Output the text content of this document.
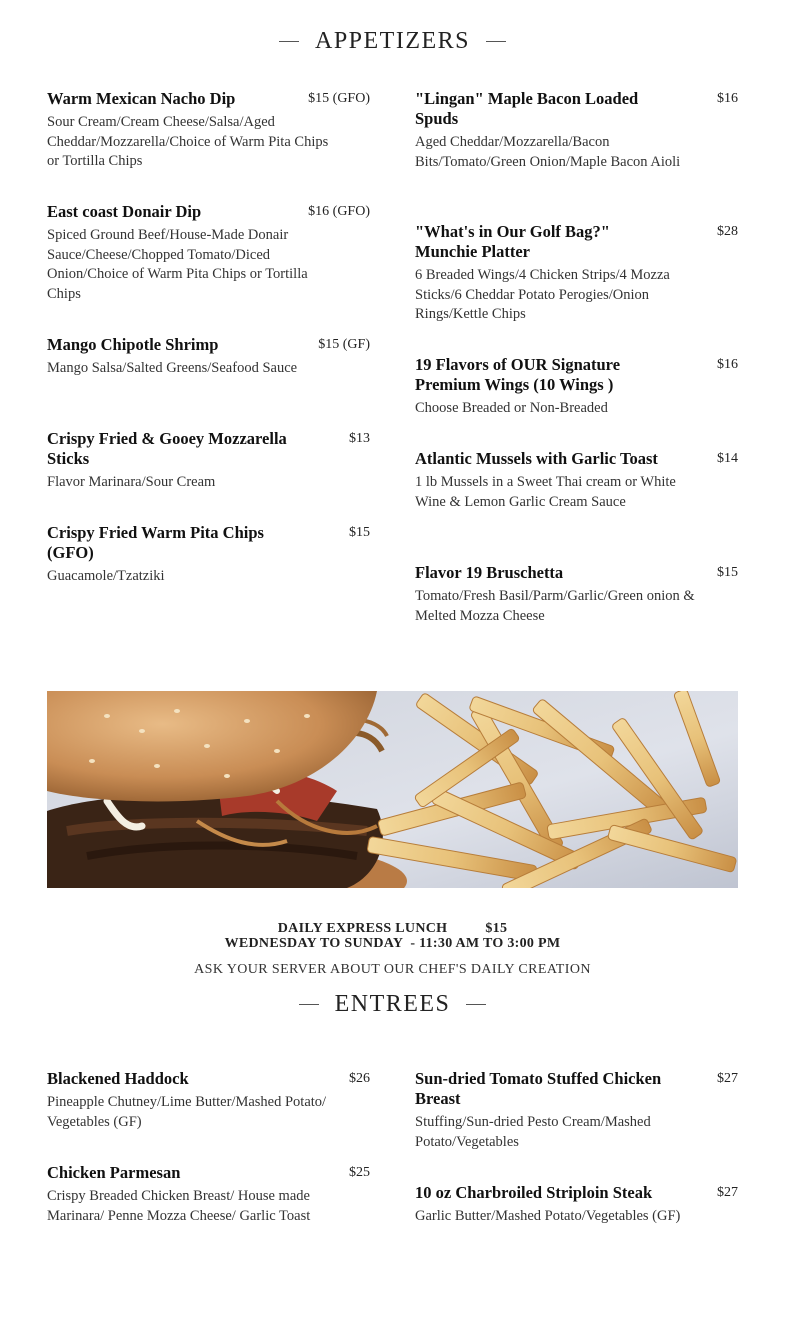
APPETIZERS
Warm Mexican Nacho Dip	$15 (GFO)
Sour Cream/Cream Cheese/Salsa/Aged Cheddar/Mozzarella/Choice of Warm Pita Chips or Tortilla Chips
East coast Donair Dip	$16 (GFO)
Spiced Ground Beef/House-Made Donair Sauce/Cheese/Chopped Tomato/Diced Onion/Choice of Warm Pita Chips or Tortilla Chips
Mango Chipotle Shrimp	$15 (GF)
Mango Salsa/Salted Greens/Seafood Sauce
Crispy Fried & Gooey Mozzarella Sticks
$13
Flavor Marinara/Sour Cream
Crispy Fried Warm Pita Chips (GFO)
$15
Guacamole/Tzatziki
"Lingan" Maple Bacon Loaded Spuds
$16
Aged Cheddar/Mozzarella/Bacon Bits/Tomato/Green Onion/Maple Bacon Aioli
"What's in Our Golf Bag?" Munchie Platter
$28
6 Breaded Wings/4 Chicken Strips/4 Mozza Sticks/6 Cheddar Potato Perogies/Onion Rings/Kettle Chips
19 Flavors of OUR Signature Premium Wings (10 Wings )
$16
Choose Breaded or Non-Breaded
Atlantic Mussels with Garlic Toast	$14
1 lb Mussels in a Sweet Thai cream or White Wine & Lemon Garlic Cream Sauce
Flavor 19 Bruschetta	$15
Tomato/Fresh Basil/Parm/Garlic/Green onion & Melted Mozza Cheese
DAILY EXPRESS LUNCH	$15
WEDNESDAY TO SUNDAY  - 11:30 AM TO 3:00 PM
ASK YOUR SERVER ABOUT OUR CHEF'S DAILY CREATION
ENTREES
Blackened Haddock	$26
Pineapple Chutney/Lime Butter/Mashed Potato/ Vegetables (GF)
Chicken Parmesan	$25
Crispy Breaded Chicken Breast/ House made Marinara/ Penne Mozza Cheese/ Garlic Toast
Sun-dried Tomato Stuffed Chicken Breast
$27
Stuffing/Sun-dried Pesto Cream/Mashed Potato/Vegetables
10 oz Charbroiled Striploin Steak	$27
Garlic Butter/Mashed Potato/Vegetables (GF)
